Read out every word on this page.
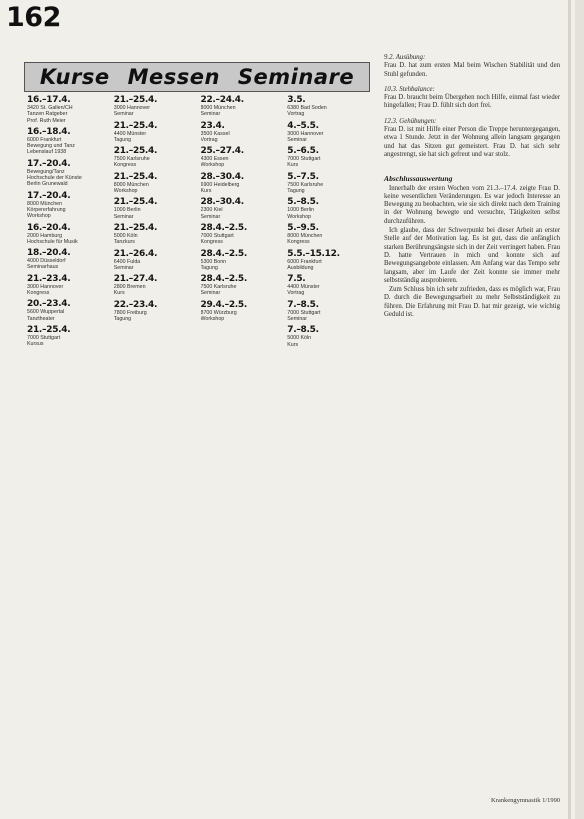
162
Kurse Messen Seminare
16.–17.4.
3420 St. Gallen/CH
Tanzen Ratgeber
Prof. Ruth Meier
16.–18.4.
6000 Frankfurt
Bewegung und Tanz
Lebenslauf 1938
17.–20.4.
Bewegung/Tanz
Hochschule der Künste
Berlin Grunewald
17.–20.4.
8000 München
Körpererfahrung
Workshop
16.–20.4.
2000 Hamburg
Hochschule für Musik
18.–20.4.
4000 Düsseldorf
Seminarhaus
21.–23.4.
3000 Hannover
Kongress
20.–23.4.
5600 Wuppertal
Tanztheater
21.–25.4.
7000 Stuttgart
Kursus
21.–25.4.
3000 Hannover
Seminar
21.–25.4.
4400 Münster
Tagung
21.–25.4.
7500 Karlsruhe
Kongress
21.–25.4.
8000 München
Workshop
21.–25.4.
1000 Berlin
Seminar
21.–25.4.
5000 Köln
Tanzkurs
21.–26.4.
6400 Fulda
Seminar
21.–27.4.
2800 Bremen
Kurs
22.–23.4.
7800 Freiburg
Tagung
22.–24.4.
8000 München
Seminar
23.4.
3500 Kassel
Vortrag
25.–27.4.
4300 Essen
Workshop
28.–30.4.
6900 Heidelberg
Kurs
28.–30.4.
2300 Kiel
Seminar
28.4.–2.5.
7000 Stuttgart
Kongress
28.4.–2.5.
5300 Bonn
Tagung
28.4.–2.5.
7500 Karlsruhe
Seminar
29.4.–2.5.
8700 Würzburg
Workshop
3.5.
6380 Bad Soden
Vortrag
4.–5.5.
3000 Hannover
Seminar
5.–6.5.
7000 Stuttgart
Kurs
5.–7.5.
7500 Karlsruhe
Tagung
5.–8.5.
1000 Berlin
Workshop
5.–9.5.
8000 München
Kongress
5.5.–15.12.
6000 Frankfurt
Ausbildung
7.5.
4400 Münster
Vortrag
7.–8.5.
7000 Stuttgart
Seminar
7.–8.5.
5000 Köln
Kurs

9.2. Ausübung:
Frau D. hat zum ersten Mal beim Wischen Stabilität und den Stuhl gefunden.

10.3. Stehbalance:
Frau D. braucht beim Übergehen noch Hilfe, einmal fast wieder hingefallen; Frau D. fühlt sich dort frei.

12.3. Gehübungen:
Frau D. ist mit Hilfe einer Person die Treppe heruntergegangen, etwa 1 Stunde. Jetzt in der Wohnung allein langsam gegangen und hat das Sitzen gut gemeistert. Frau D. hat sich sehr angestrengt, sie hat sich gefreut und war stolz.

Abschlussauswertung

Innerhalb der ersten Wochen vom 21.3.–17.4. zeigte Frau D. keine wesentlichen Veränderungen. Es war jedoch Interesse an Bewegung zu beobachten, wie sie sich direkt nach dem Training in der Wohnung bewegte und versuchte, Tätigkeiten selbst durchzuführen.

Ich glaube, dass der Schwerpunkt bei dieser Arbeit an erster Stelle auf der Motivation lag. Es ist gut, dass die anfänglich starken Berührungsängste sich in der Zeit verringert haben. Frau D. hatte Vertrauen in mich und konnte sich auf Bewegungsangebote einlassen. Am Anfang war das Tempo sehr langsam, aber im Laufe der Zeit konnte sie immer mehr selbstständig ausprobieren.

Zum Schluss bin ich sehr zufrieden, dass es möglich war, Frau D. durch die Bewegungsarbeit zu mehr Selbstständigkeit zu führen. Die Erfahrung mit Frau D. hat mir gezeigt, wie wichtig Geduld ist.

Krankengymnastik 1/1990
